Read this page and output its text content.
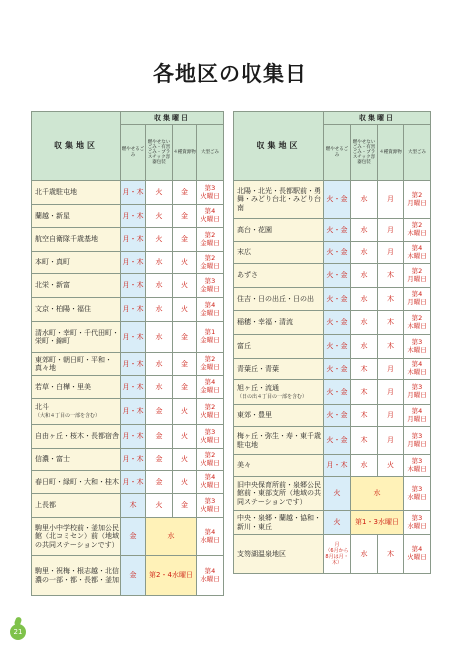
各地区の収集日
収集地区	収集曜日			
	燃やせるごみ	燃やせないごみ・有害ごみ・プラスチック容器包装	４種資源物	大型ごみ
北千歳駐屯地	月・木	火	金	第3
火曜日
蘭越・新星	月・木	火	金	第4
火曜日
航空自衛隊千歳基地	月・木	火	金	第2
金曜日
本町・真町	月・木	水	火	第2
金曜日
北栄・新富	月・木	水	火	第3
金曜日
文京・柏陽・福住	月・木	水	火	第4
金曜日
清水町・幸町・千代田町・栄町・錦町	月・木	水	金	第1
金曜日
東郊町・朝日町・平和・真々地	月・木	水	金	第2
金曜日
若草・白樺・里美	月・木	水	金	第4
金曜日
北斗
（大和４丁目の一部を含む）	月・木	金	火	第2
火曜日
自由ヶ丘・桜木・長都宿舎	月・木	金	火	第3
火曜日
信濃・富士	月・木	金	火	第2
火曜日
春日町・緑町・大和・桂木	月・木	金	火	第4
火曜日
上長都	木	火	金	第3
火曜日
駒里小中学校前・釜加公民館（北コミセン）前（地域の共同ステーションです）	金	水		第4
水曜日
駒里・祝梅・根志越・北信濃の一部・都・長都・釜加	金	第2・4水曜日		第4
水曜日
収集地区	収集曜日			
	燃やせるごみ	燃やせないごみ・有害ごみ・プラスチック容器包装	４種資源物	大型ごみ
北陽・北光・長都駅前・勇舞・みどり台北・みどり台南	火・金	水	月	第2
月曜日
高台・花園	火・金	水	月	第2
木曜日
末広	火・金	水	月	第4
木曜日
あずさ	火・金	水	木	第2
月曜日
住吉・日の出丘・日の出	火・金	水	木	第4
月曜日
稲穂・幸福・清流	火・金	水	木	第2
木曜日
富丘	火・金	水	木	第3
木曜日
青葉丘・青葉	火・金	木	月	第4
木曜日
旭ヶ丘・流通
（日の出４丁目の一部を含む）	火・金	木	月	第3
月曜日
東郊・豊里	火・金	木	月	第4
月曜日
梅ヶ丘・弥生・寿・東千歳駐屯地	火・金	木	月	第3
月曜日
美々	月・木	水	火	第3
木曜日
旧中央保育所前・泉郷公民館前・東部支所（地域の共同ステーションです）	火	水		第3
水曜日
中央・泉郷・蘭越・協和・新川・東丘	火	第1・3水曜日		第3
水曜日
支笏湖温泉地区	月
（6月から8月は月・木）	水	木	第4
火曜日
21
